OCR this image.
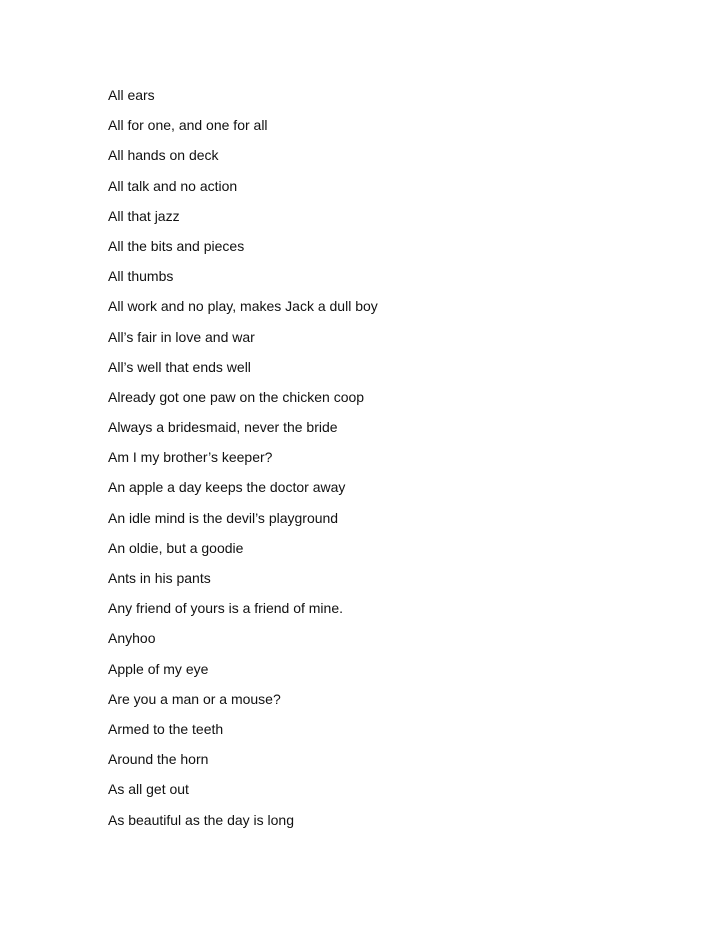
All ears
All for one, and one for all
All hands on deck
All talk and no action
All that jazz
All the bits and pieces
All thumbs
All work and no play, makes Jack a dull boy
All’s fair in love and war
All’s well that ends well
Already got one paw on the chicken coop
Always a bridesmaid, never the bride
Am I my brother’s keeper?
An apple a day keeps the doctor away
An idle mind is the devil’s playground
An oldie, but a goodie
Ants in his pants
Any friend of yours is a friend of mine.
Anyhoo
Apple of my eye
Are you a man or a mouse?
Armed to the teeth
Around the horn
As all get out
As beautiful as the day is long
